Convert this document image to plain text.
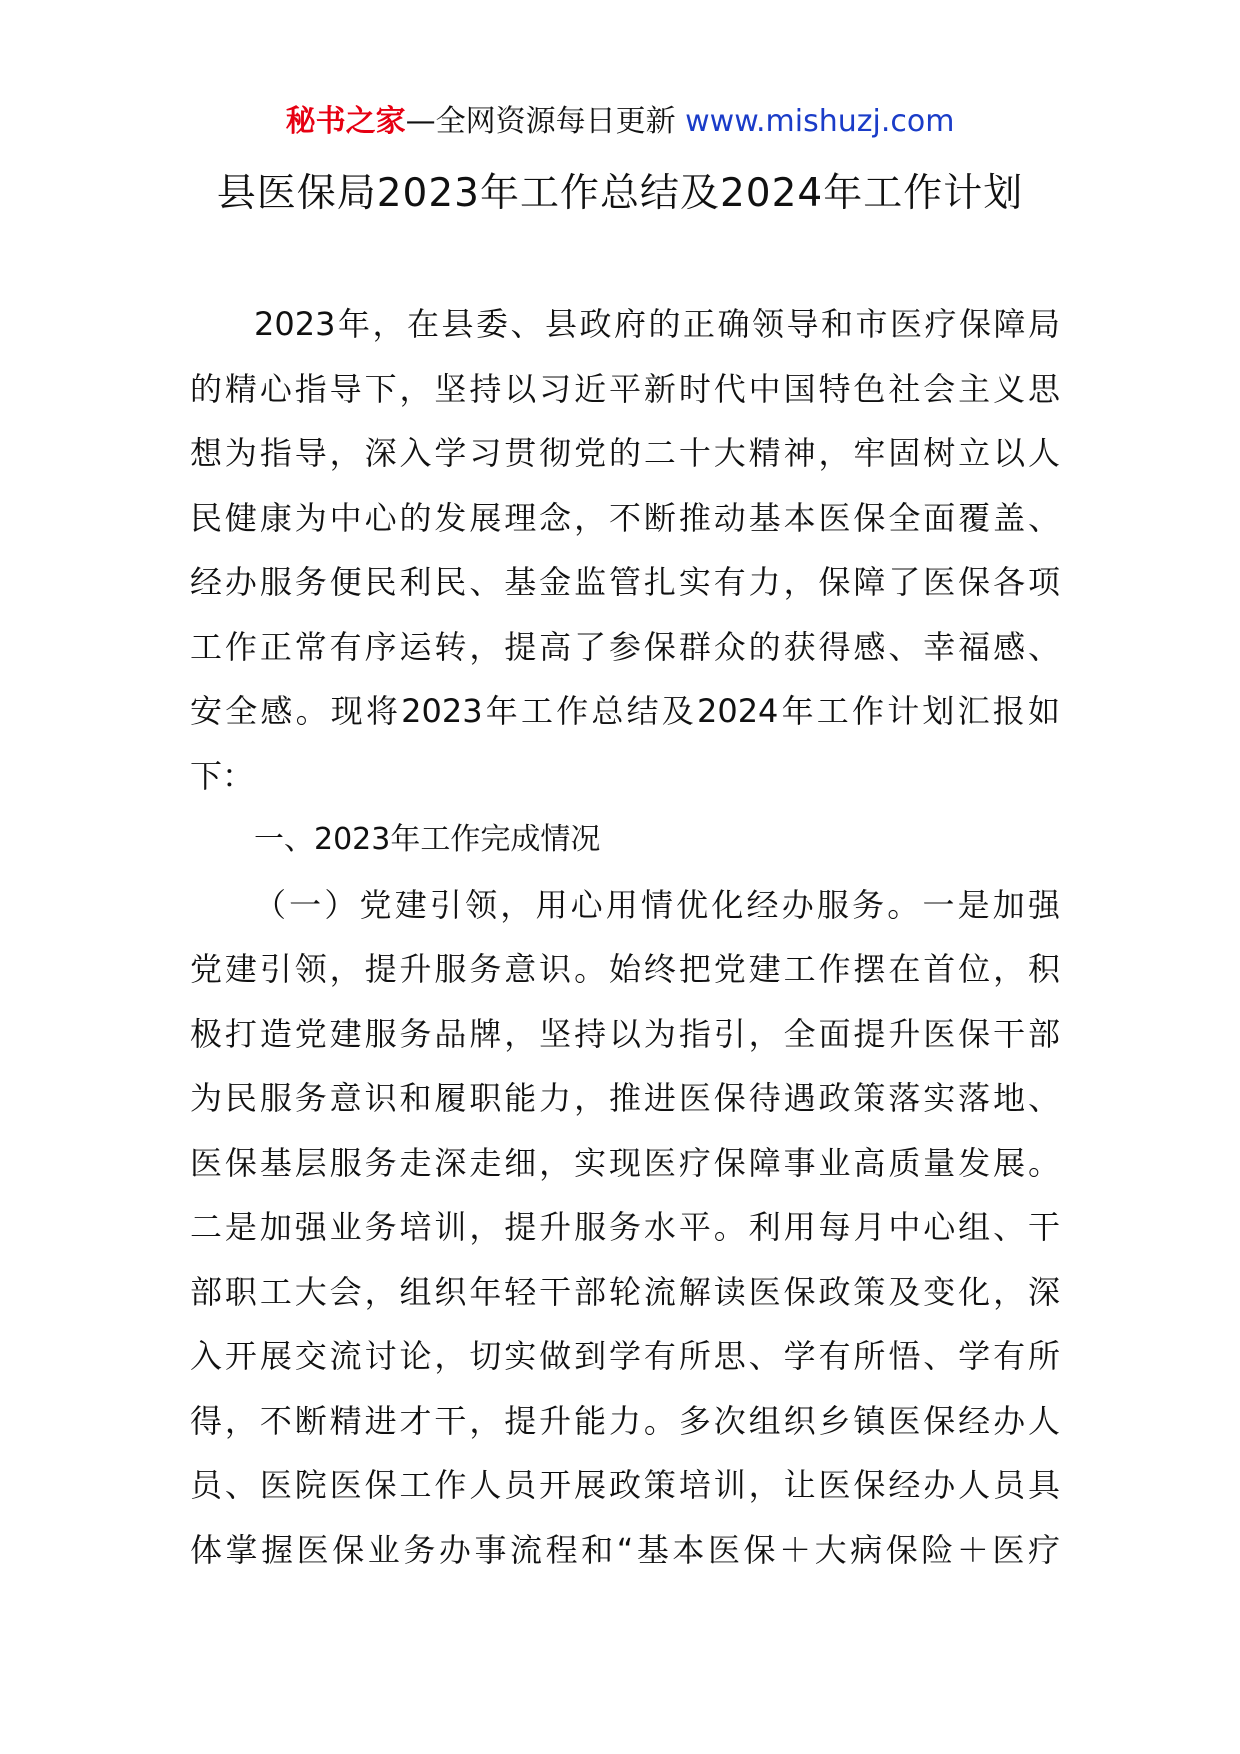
秘书之家—全网资源每日更新 www.mishuzj.com
县医保局2023年工作总结及2024年工作计划

2023年，在县委、县政府的正确领导和市医疗保障局
的精心指导下，坚持以习近平新时代中国特色社会主义思
想为指导，深入学习贯彻党的二十大精神，牢固树立以人
民健康为中心的发展理念，不断推动基本医保全面覆盖、
经办服务便民利民、基金监管扎实有力，保障了医保各项
工作正常有序运转，提高了参保群众的获得感、幸福感、
安全感。现将2023年工作总结及2024年工作计划汇报如
下：

一、2023年工作完成情况

（一）党建引领，用心用情优化经办服务。一是加强
党建引领，提升服务意识。始终把党建工作摆在首位，积
极打造党建服务品牌，坚持以为指引，全面提升医保干部
为民服务意识和履职能力，推进医保待遇政策落实落地、
医保基层服务走深走细，实现医疗保障事业高质量发展。
二是加强业务培训，提升服务水平。利用每月中心组、干
部职工大会，组织年轻干部轮流解读医保政策及变化，深
入开展交流讨论，切实做到学有所思、学有所悟、学有所
得，不断精进才干，提升能力。多次组织乡镇医保经办人
员、医院医保工作人员开展政策培训，让医保经办人员具
体掌握医保业务办事流程和“基本医保＋大病保险＋医疗
